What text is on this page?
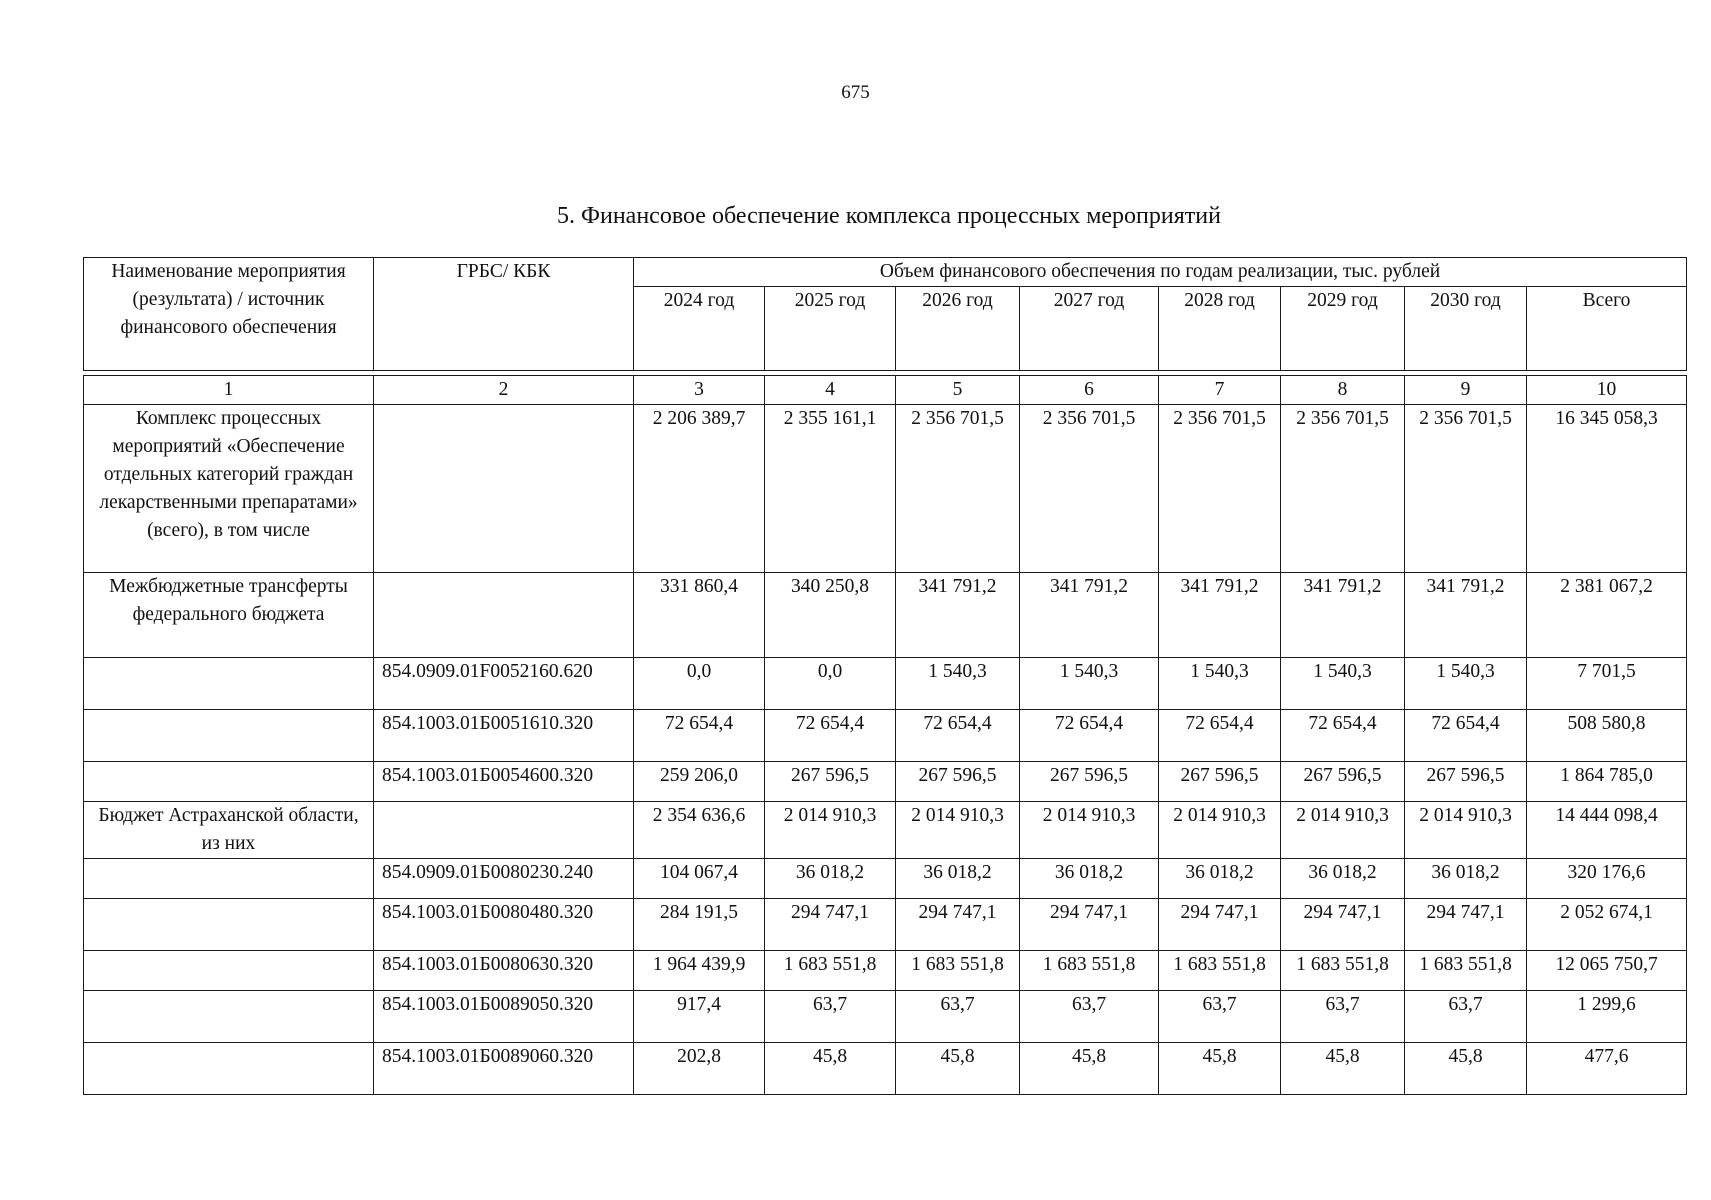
675
5. Финансовое обеспечение комплекса процессных мероприятий
Наименование мероприятия (результата) / источник финансового обеспечения	ГРБС/ КБК	Объем финансового обеспечения по годам реализации, тыс. рублей							
		2024 год	2025 год	2026 год	2027 год	2028 год	2029 год	2030 год	Всего

1	2	3	4	5	6	7	8	9	10
Комплекс процессных мероприятий «Обеспечение отдельных категорий граждан лекарственными препаратами» (всего), в том числе		2 206 389,7	2 355 161,1	2 356 701,5	2 356 701,5	2 356 701,5	2 356 701,5	2 356 701,5	16 345 058,3
Межбюджетные трансферты федерального бюджета		331 860,4	340 250,8	341 791,2	341 791,2	341 791,2	341 791,2	341 791,2	2 381 067,2
	854.0909.01F0052160.620	0,0	0,0	1 540,3	1 540,3	1 540,3	1 540,3	1 540,3	7 701,5
	854.1003.01Б0051610.320	72 654,4	72 654,4	72 654,4	72 654,4	72 654,4	72 654,4	72 654,4	508 580,8
	854.1003.01Б0054600.320	259 206,0	267 596,5	267 596,5	267 596,5	267 596,5	267 596,5	267 596,5	1 864 785,0
Бюджет Астраханской области, из них		2 354 636,6	2 014 910,3	2 014 910,3	2 014 910,3	2 014 910,3	2 014 910,3	2 014 910,3	14 444 098,4
	854.0909.01Б0080230.240	104 067,4	36 018,2	36 018,2	36 018,2	36 018,2	36 018,2	36 018,2	320 176,6
	854.1003.01Б0080480.320	284 191,5	294 747,1	294 747,1	294 747,1	294 747,1	294 747,1	294 747,1	2 052 674,1
	854.1003.01Б0080630.320	1 964 439,9	1 683 551,8	1 683 551,8	1 683 551,8	1 683 551,8	1 683 551,8	1 683 551,8	12 065 750,7
	854.1003.01Б0089050.320	917,4	63,7	63,7	63,7	63,7	63,7	63,7	1 299,6
	854.1003.01Б0089060.320	202,8	45,8	45,8	45,8	45,8	45,8	45,8	477,6
